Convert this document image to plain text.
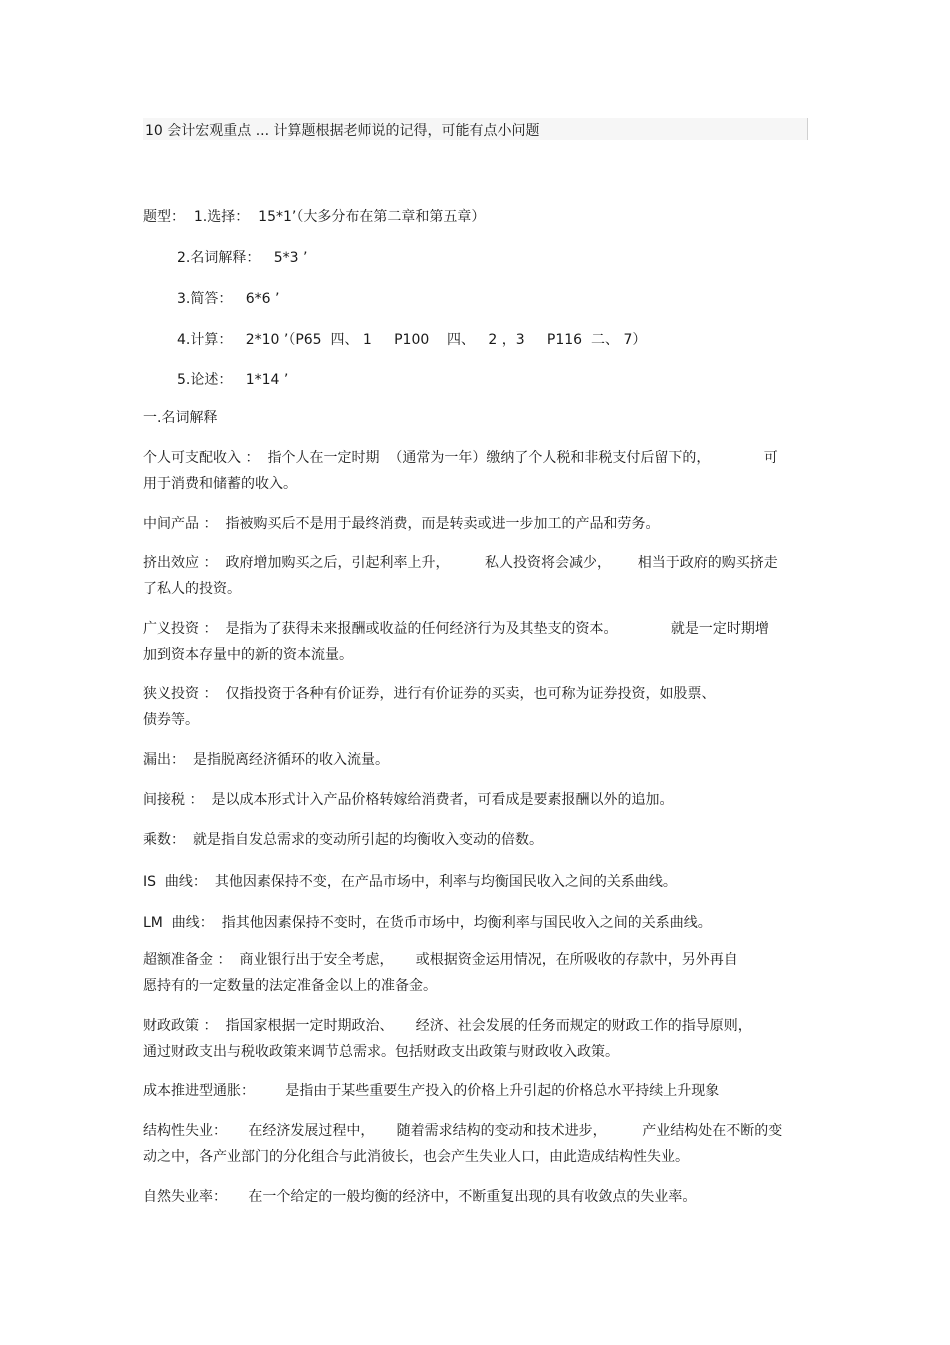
10 会计宏观重点 ... 计算题根据老师说的记得，可能有点小问题
题型：  1.选择：  15*1’（大多分布在第二章和第五章）
2.名词解释：   5*3 ’
3.简答：   6*6 ’
4.计算：   2*10 ’（P65  四、 1     P100    四、   2 ，3     P116  二、 7）
5.论述：   1*14 ’
一.名词解释
个人可支配收入 ： 指个人在一定时期  （通常为一年）缴纳了个人税和非税支付后留下的，            可
用于消费和储蓄的收入。
中间产品 ： 指被购买后不是用于最终消费，而是转卖或进一步加工的产品和劳务。
挤出效应 ： 政府增加购买之后，引起利率上升，        私人投资将会减少，      相当于政府的购买挤走
了私人的投资。
广义投资 ： 是指为了获得未来报酬或收益的任何经济行为及其垫支的资本。            就是一定时期增
加到资本存量中的新的资本流量。
狭义投资 ： 仅指投资于各种有价证券，进行有价证券的买卖，也可称为证券投资，如股票、
债券等。
漏出： 是指脱离经济循环的收入流量。
间接税 ： 是以成本形式计入产品价格转嫁给消费者，可看成是要素报酬以外的追加。
乘数： 就是指自发总需求的变动所引起的均衡收入变动的倍数。
IS  曲线： 其他因素保持不变，在产品市场中，利率与均衡国民收入之间的关系曲线。
LM  曲线： 指其他因素保持不变时，在货币市场中，均衡利率与国民收入之间的关系曲线。
超额准备金 ： 商业银行出于安全考虑，     或根据资金运用情况，在所吸收的存款中，另外再自
愿持有的一定数量的法定准备金以上的准备金。
财政政策 ： 指国家根据一定时期政治、     经济、社会发展的任务而规定的财政工作的指导原则，
通过财政支出与税收政策来调节总需求。包括财政支出政策与财政收入政策。
成本推进型通胀：     是指由于某些重要生产投入的价格上升引起的价格总水平持续上升现象
结构性失业：   在经济发展过程中，     随着需求结构的变动和技术进步，        产业结构处在不断的变
动之中，各产业部门的分化组合与此消彼长，也会产生失业人口，由此造成结构性失业。
自然失业率：   在一个给定的一般均衡的经济中，不断重复出现的具有收敛点的失业率。
